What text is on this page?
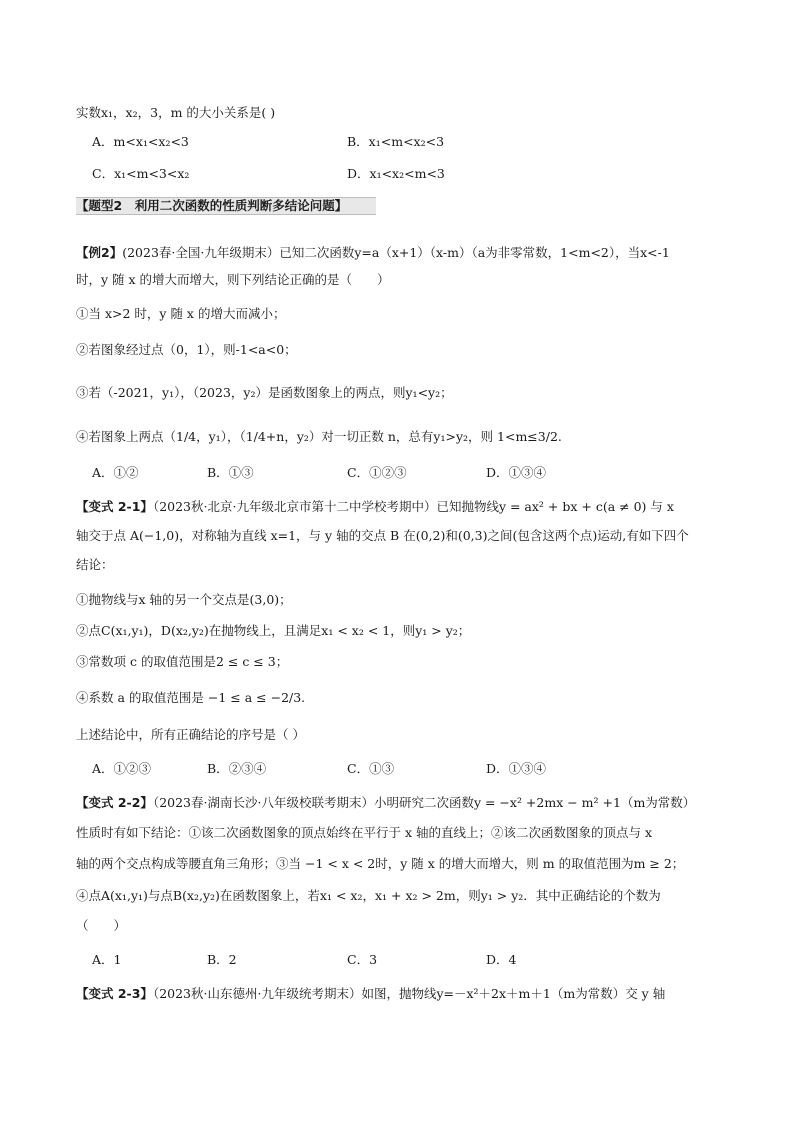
实数x₁，x₂，3，m 的大小关系是( )
A．m<x₁<x₂<3	B．x₁<m<x₂<3
C．x₁<m<3<x₂	D．x₁<x₂<m<3
【题型2　利用二次函数的性质判断多结论问题】
【例2】(2023春·全国·九年级期末）已知二次函数y=a（x+1）（x-m）（a为非零常数，1<m<2），当x<-1
时，y 随 x 的增大而增大，则下列结论正确的是（　　）
①当 x>2 时，y 随 x 的增大而减小；
②若图象经过点（0，1），则-1<a<0；
③若（-2021，y₁），（2023，y₂）是函数图象上的两点，则y₁<y₂；
④若图象上两点（1/4，y₁），（1/4+n，y₂）对一切正数 n，总有y₁>y₂，则 1<m≤3/2.
A．①②	B．①③	C．①②③	D．①③④
【变式 2-1】（2023秋·北京·九年级北京市第十二中学校考期中）已知抛物线y = ax² + bx + c(a ≠ 0) 与 x
轴交于点 A(−1,0)，对称轴为直线 x=1，与 y 轴的交点 B 在(0,2)和(0,3)之间(包含这两个点)运动,有如下四个
结论：
①抛物线与x 轴的另一个交点是(3,0)；
②点C(x₁,y₁)，D(x₂,y₂)在抛物线上，且满足x₁ < x₂ < 1，则y₁ > y₂；
③常数项 c 的取值范围是2 ≤ c ≤ 3；
④系数 a 的取值范围是 −1 ≤ a ≤ −2/3.
上述结论中，所有正确结论的序号是（ ）
A．①②③	B．②③④	C．①③	D．①③④
【变式 2-2】（2023春·湖南长沙·八年级校联考期末）小明研究二次函数y = −x² +2mx − m² +1（m为常数）
性质时有如下结论：①该二次函数图象的顶点始终在平行于 x 轴的直线上；②该二次函数图象的顶点与 x
轴的两个交点构成等腰直角三角形；③当 −1 < x < 2时，y 随 x 的增大而增大，则 m 的取值范围为m ≥ 2；
④点A(x₁,y₁)与点B(x₂,y₂)在函数图象上，若x₁ < x₂，x₁ + x₂ > 2m，则y₁ > y₂．其中正确结论的个数为
（　　）
A．1	B．2	C．3	D．4
【变式 2-3】（2023秋·山东德州·九年级统考期末）如图，抛物线y=－x²＋2x＋m＋1（m为常数）交 y 轴
